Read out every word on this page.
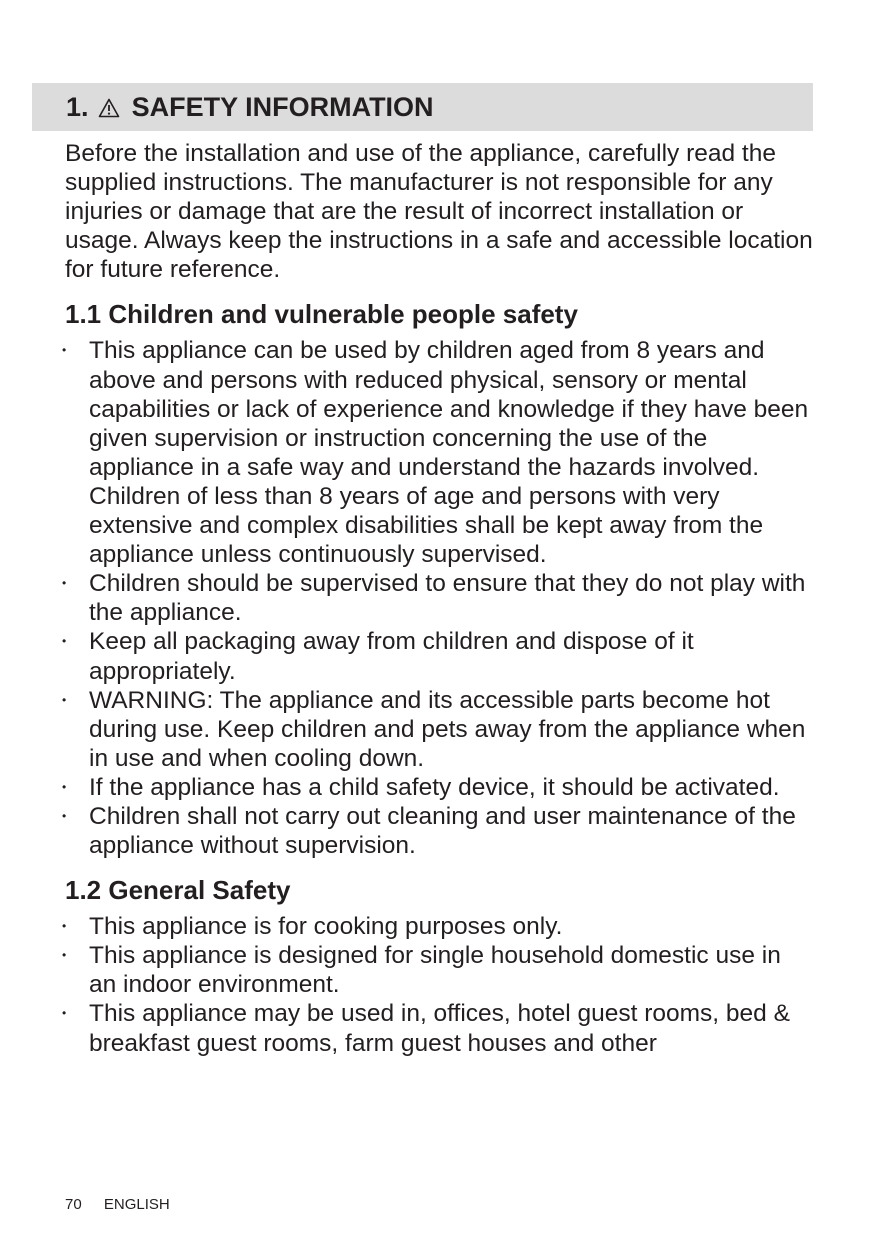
1. SAFETY INFORMATION

Before the installation and use of the appliance, carefully read the supplied instructions. The manufacturer is not responsible for any injuries or damage that are the result of incorrect installation or usage. Always keep the instructions in a safe and accessible location for future reference.

1.1 Children and vulnerable people safety
• This appliance can be used by children aged from 8 years and above and persons with reduced physical, sensory or mental capabilities or lack of experience and knowledge if they have been given supervision or instruction concerning the use of the appliance in a safe way and understand the hazards involved. Children of less than 8 years of age and persons with very extensive and complex disabilities shall be kept away from the appliance unless continuously supervised.
• Children should be supervised to ensure that they do not play with the appliance.
• Keep all packaging away from children and dispose of it appropriately.
• WARNING: The appliance and its accessible parts become hot during use. Keep children and pets away from the appliance when in use and when cooling down.
• If the appliance has a child safety device, it should be activated.
• Children shall not carry out cleaning and user maintenance of the appliance without supervision.
1.2 General Safety
• This appliance is for cooking purposes only.
• This appliance is designed for single household domestic use in an indoor environment.
• This appliance may be used in, offices, hotel guest rooms, bed & breakfast guest rooms, farm guest houses and other
70 ENGLISH
